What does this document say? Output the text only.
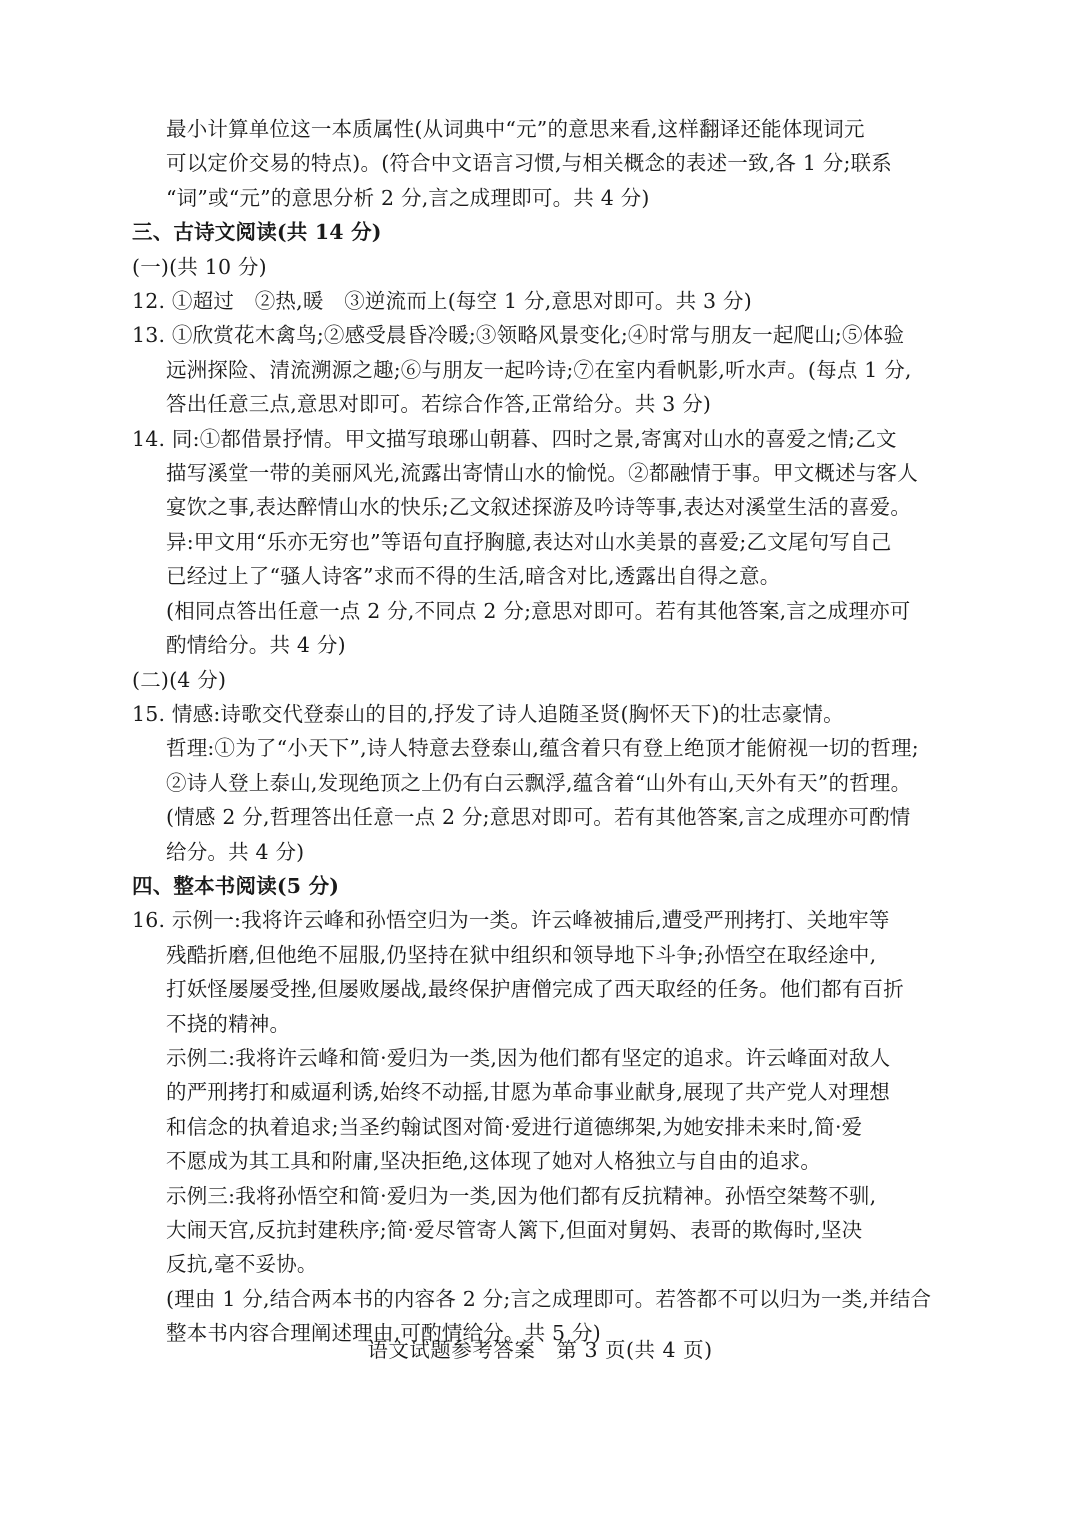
最小计算单位这一本质属性(从词典中“元”的意思来看,这样翻译还能体现词元
可以定价交易的特点)。(符合中文语言习惯,与相关概念的表述一致,各 1 分;联系
“词”或“元”的意思分析 2 分,言之成理即可。共 4 分)
三、古诗文阅读(共 14 分)
(一)(共 10 分)
12. ①超过　②热,暖　③逆流而上(每空 1 分,意思对即可。共 3 分)
13. ①欣赏花木禽鸟;②感受晨昏冷暖;③领略风景变化;④时常与朋友一起爬山;⑤体验
远洲探险、清流溯源之趣;⑥与朋友一起吟诗;⑦在室内看帆影,听水声。(每点 1 分,
答出任意三点,意思对即可。若综合作答,正常给分。共 3 分)
14. 同:①都借景抒情。甲文描写琅琊山朝暮、四时之景,寄寓对山水的喜爱之情;乙文
描写溪堂一带的美丽风光,流露出寄情山水的愉悦。②都融情于事。甲文概述与客人
宴饮之事,表达醉情山水的快乐;乙文叙述探游及吟诗等事,表达对溪堂生活的喜爱。
异:甲文用“乐亦无穷也”等语句直抒胸臆,表达对山水美景的喜爱;乙文尾句写自己
已经过上了“骚人诗客”求而不得的生活,暗含对比,透露出自得之意。
(相同点答出任意一点 2 分,不同点 2 分;意思对即可。若有其他答案,言之成理亦可
酌情给分。共 4 分)
(二)(4 分)
15. 情感:诗歌交代登泰山的目的,抒发了诗人追随圣贤(胸怀天下)的壮志豪情。
哲理:①为了“小天下”,诗人特意去登泰山,蕴含着只有登上绝顶才能俯视一切的哲理;
②诗人登上泰山,发现绝顶之上仍有白云飘浮,蕴含着“山外有山,天外有天”的哲理。
(情感 2 分,哲理答出任意一点 2 分;意思对即可。若有其他答案,言之成理亦可酌情
给分。共 4 分)
四、整本书阅读(5 分)
16. 示例一:我将许云峰和孙悟空归为一类。许云峰被捕后,遭受严刑拷打、关地牢等
残酷折磨,但他绝不屈服,仍坚持在狱中组织和领导地下斗争;孙悟空在取经途中,
打妖怪屡屡受挫,但屡败屡战,最终保护唐僧完成了西天取经的任务。他们都有百折
不挠的精神。
示例二:我将许云峰和简·爱归为一类,因为他们都有坚定的追求。许云峰面对敌人
的严刑拷打和威逼利诱,始终不动摇,甘愿为革命事业献身,展现了共产党人对理想
和信念的执着追求;当圣约翰试图对简·爱进行道德绑架,为她安排未来时,简·爱
不愿成为其工具和附庸,坚决拒绝,这体现了她对人格独立与自由的追求。
示例三:我将孙悟空和简·爱归为一类,因为他们都有反抗精神。孙悟空桀骜不驯,
大闹天宫,反抗封建秩序;简·爱尽管寄人篱下,但面对舅妈、表哥的欺侮时,坚决
反抗,毫不妥协。
(理由 1 分,结合两本书的内容各 2 分;言之成理即可。若答都不可以归为一类,并结合
整本书内容合理阐述理由,可酌情给分。共 5 分)
语文试题参考答案　第 3 页(共 4 页)
